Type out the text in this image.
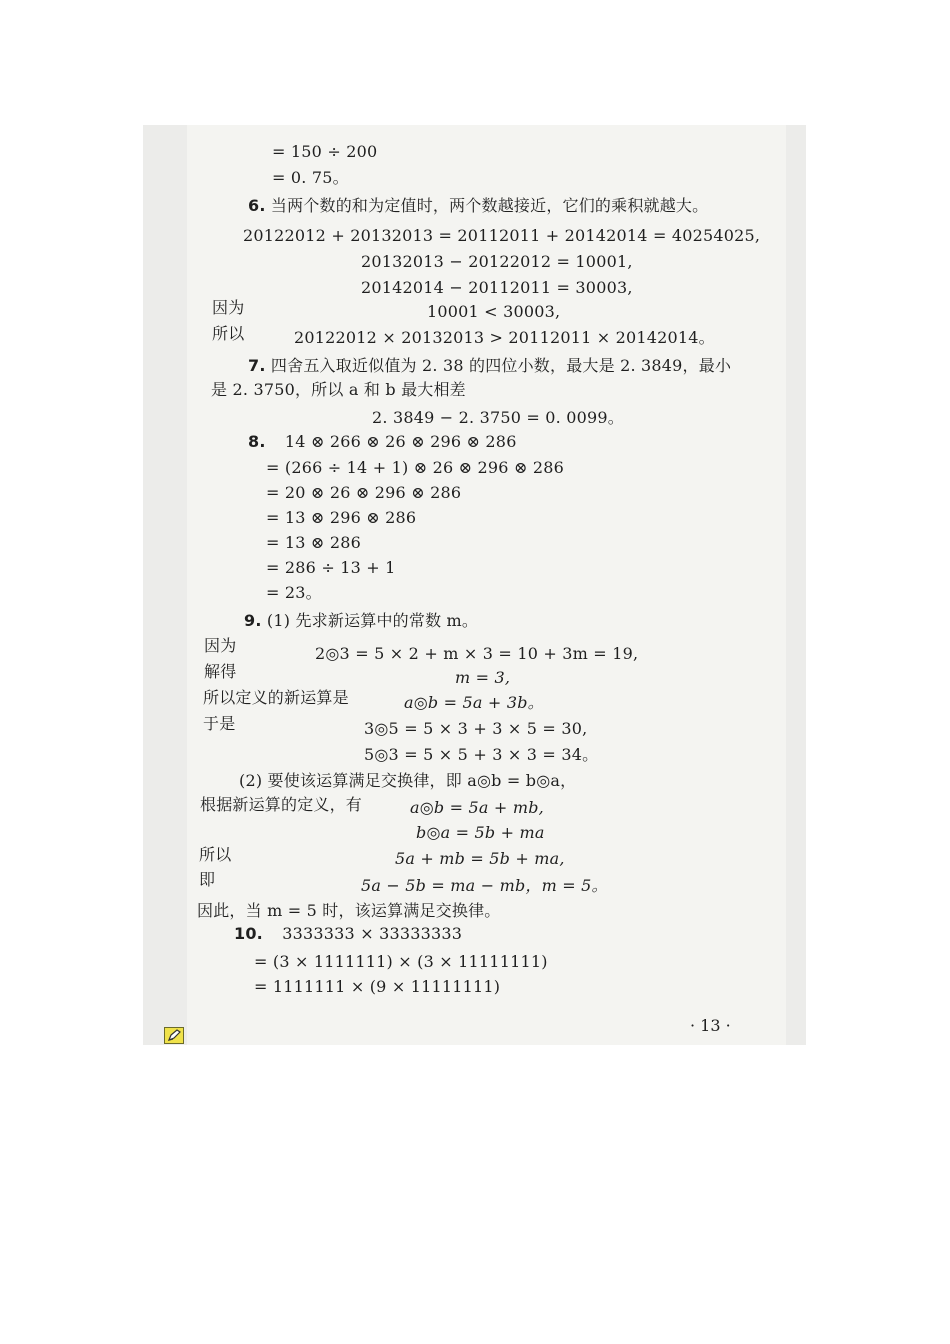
= 150 ÷ 200
= 0. 75。
6. 当两个数的和为定值时，两个数越接近，它们的乘积就越大。
20122012 + 20132013 = 20112011 + 20142014 = 40254025,
20132013 − 20122012 = 10001,
20142014 − 20112011 = 30003,
因为	10001 < 30003,
所以	20122012 × 20132013 > 20112011 × 20142014。
7. 四舍五入取近似值为 2. 38 的四位小数，最大是 2. 3849，最小
是 2. 3750，所以 a 和 b 最大相差
2. 3849 − 2. 3750 = 0. 0099。
8. 14 ⊗ 266 ⊗ 26 ⊗ 296 ⊗ 286
= (266 ÷ 14 + 1) ⊗ 26 ⊗ 296 ⊗ 286
= 20 ⊗ 26 ⊗ 296 ⊗ 286
= 13 ⊗ 296 ⊗ 286
= 13 ⊗ 286
= 286 ÷ 13 + 1
= 23。
9. (1) 先求新运算中的常数 m。
因为	2◎3 = 5 × 2 + m × 3 = 10 + 3m = 19,
解得	m = 3,
所以定义的新运算是	a◎b = 5a + 3b。
于是	3◎5 = 5 × 3 + 3 × 5 = 30,
5◎3 = 5 × 5 + 3 × 3 = 34。
(2) 要使该运算满足交换律，即 a◎b = b◎a，
根据新运算的定义，有	a◎b = 5a + mb,
b◎a = 5b + ma
所以	5a + mb = 5b + ma,
即	5a − 5b = ma − mb，m = 5。
因此，当 m = 5 时，该运算满足交换律。
10. 3333333 × 33333333
= (3 × 1111111) × (3 × 11111111)
= 1111111 × (9 × 11111111)
· 13 ·
